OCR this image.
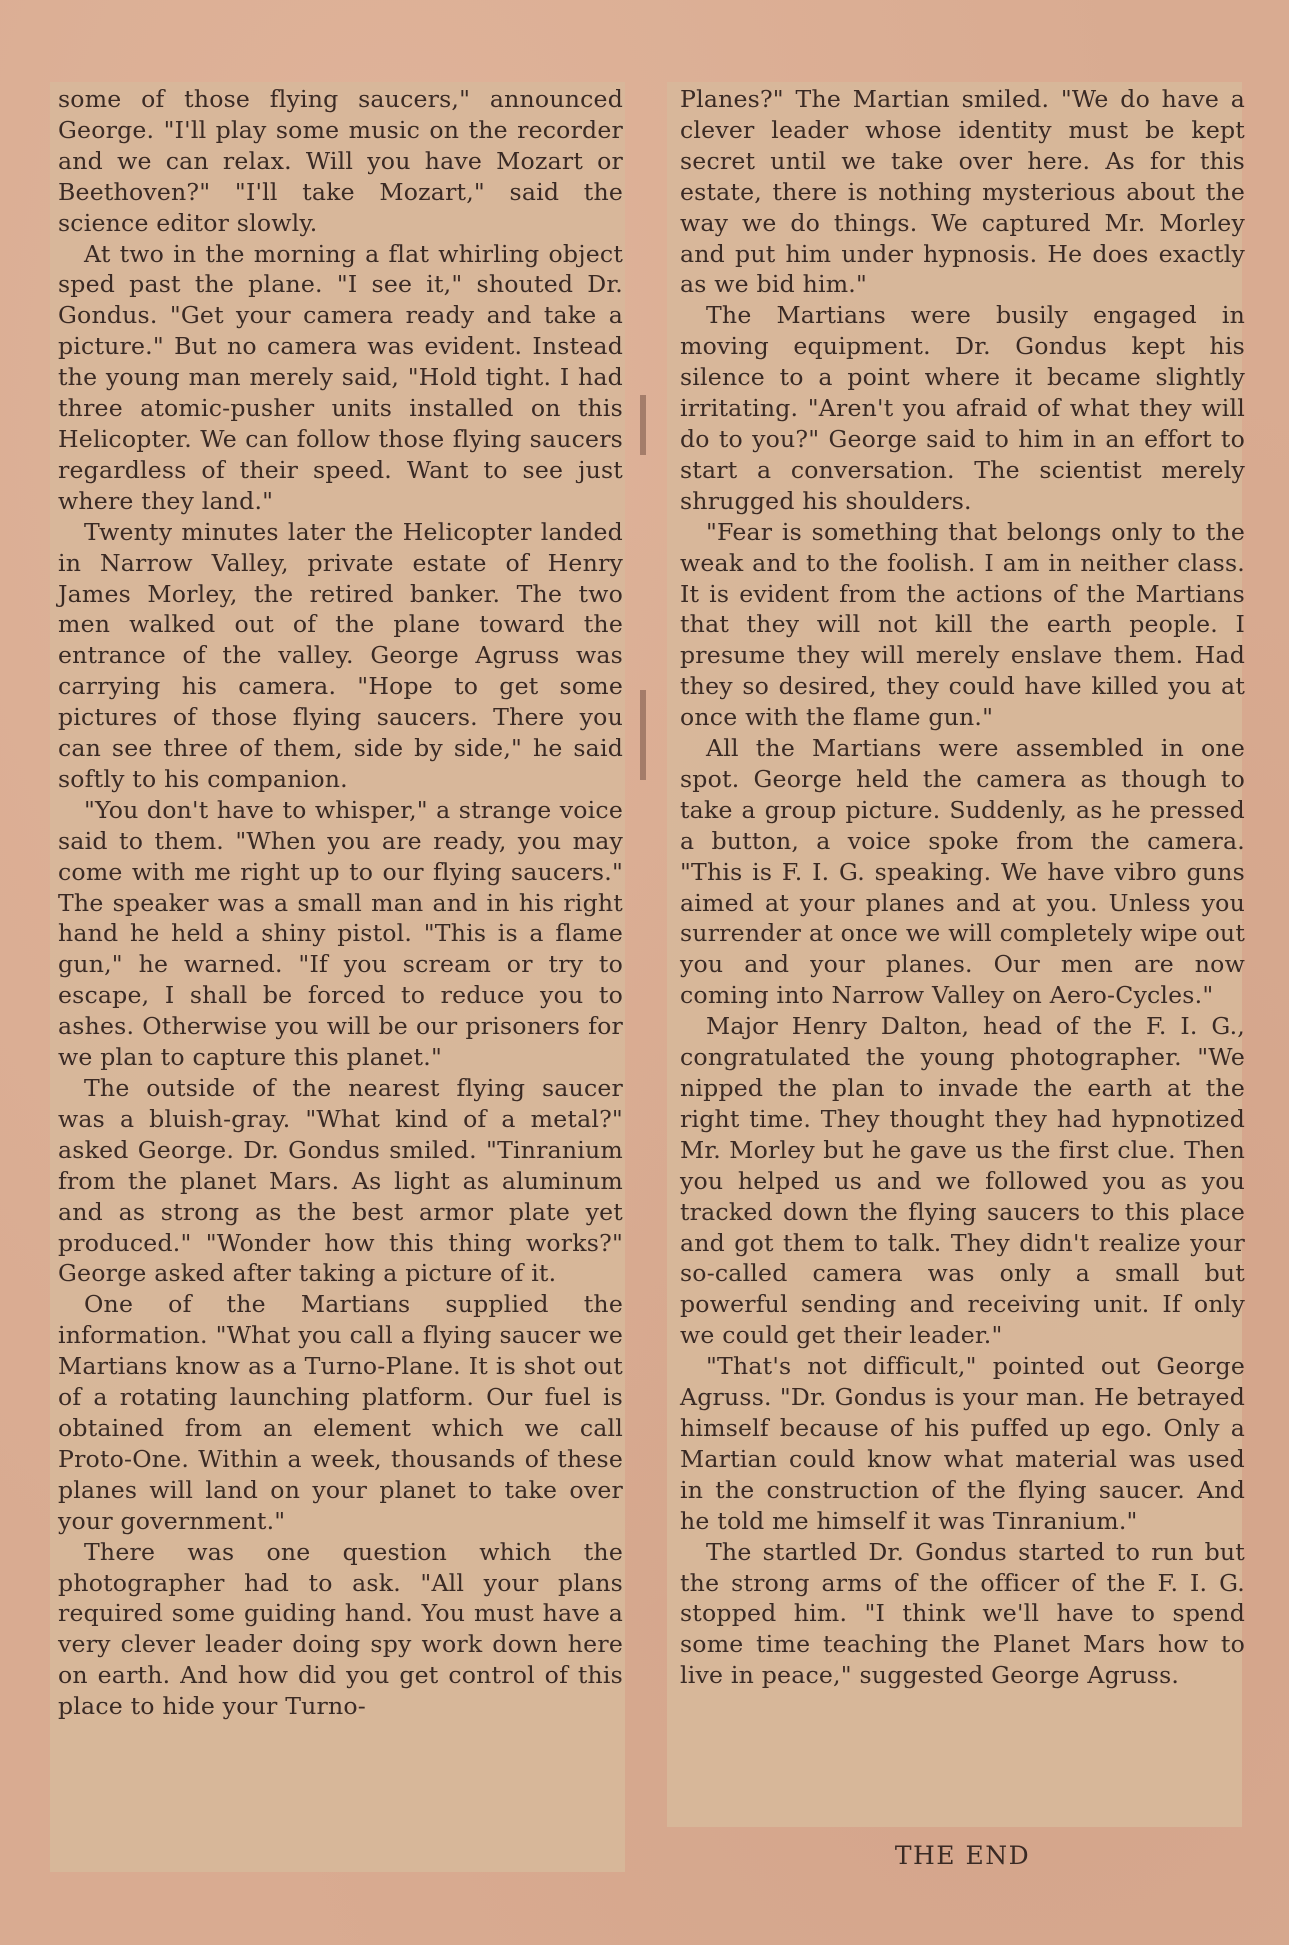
some of those flying saucers," announced George. "I'll play some music on the recorder and we can relax. Will you have Mozart or Beethoven?" "I'll take Mozart," said the science editor slowly.

At two in the morning a flat whirling object sped past the plane. "I see it," shouted Dr. Gondus. "Get your camera ready and take a picture." But no camera was evident. Instead the young man merely said, "Hold tight. I had three atomic-pusher units installed on this Helicopter. We can follow those flying saucers regardless of their speed. Want to see just where they land."

Twenty minutes later the Helicopter landed in Narrow Valley, private estate of Henry James Morley, the retired banker. The two men walked out of the plane toward the entrance of the valley. George Agruss was carrying his camera. "Hope to get some pictures of those flying saucers. There you can see three of them, side by side," he said softly to his companion.

"You don't have to whisper," a strange voice said to them. "When you are ready, you may come with me right up to our flying saucers." The speaker was a small man and in his right hand he held a shiny pistol. "This is a flame gun," he warned. "If you scream or try to escape, I shall be forced to reduce you to ashes. Otherwise you will be our prisoners for we plan to capture this planet."

The outside of the nearest flying saucer was a bluish-gray. "What kind of a metal?" asked George. Dr. Gondus smiled. "Tinranium from the planet Mars. As light as aluminum and as strong as the best armor plate yet produced." "Wonder how this thing works?" George asked after taking a picture of it.

One of the Martians supplied the information. "What you call a flying saucer we Martians know as a Turno-Plane. It is shot out of a rotating launching platform. Our fuel is obtained from an element which we call Proto-One. Within a week, thousands of these planes will land on your planet to take over your government."

There was one question which the photographer had to ask. "All your plans required some guiding hand. You must have a very clever leader doing spy work down here on earth. And how did you get control of this place to hide your Turno-

Planes?" The Martian smiled. "We do have a clever leader whose identity must be kept secret until we take over here. As for this estate, there is nothing mysterious about the way we do things. We captured Mr. Morley and put him under hypnosis. He does exactly as we bid him."

The Martians were busily engaged in moving equipment. Dr. Gondus kept his silence to a point where it became slightly irritating. "Aren't you afraid of what they will do to you?" George said to him in an effort to start a conversation. The scientist merely shrugged his shoulders.

"Fear is something that belongs only to the weak and to the foolish. I am in neither class. It is evident from the actions of the Martians that they will not kill the earth people. I presume they will merely enslave them. Had they so desired, they could have killed you at once with the flame gun."

All the Martians were assembled in one spot. George held the camera as though to take a group picture. Suddenly, as he pressed a button, a voice spoke from the camera. "This is F. I. G. speaking. We have vibro guns aimed at your planes and at you. Unless you surrender at once we will completely wipe out you and your planes. Our men are now coming into Narrow Valley on Aero-Cycles."

Major Henry Dalton, head of the F. I. G., congratulated the young photographer. "We nipped the plan to invade the earth at the right time. They thought they had hypnotized Mr. Morley but he gave us the first clue. Then you helped us and we followed you as you tracked down the flying saucers to this place and got them to talk. They didn't realize your so-called camera was only a small but powerful sending and receiving unit. If only we could get their leader."

"That's not difficult," pointed out George Agruss. "Dr. Gondus is your man. He betrayed himself because of his puffed up ego. Only a Martian could know what material was used in the construction of the flying saucer. And he told me himself it was Tinranium."

The startled Dr. Gondus started to run but the strong arms of the officer of the F. I. G. stopped him. "I think we'll have to spend some time teaching the Planet Mars how to live in peace," suggested George Agruss.

THE END
